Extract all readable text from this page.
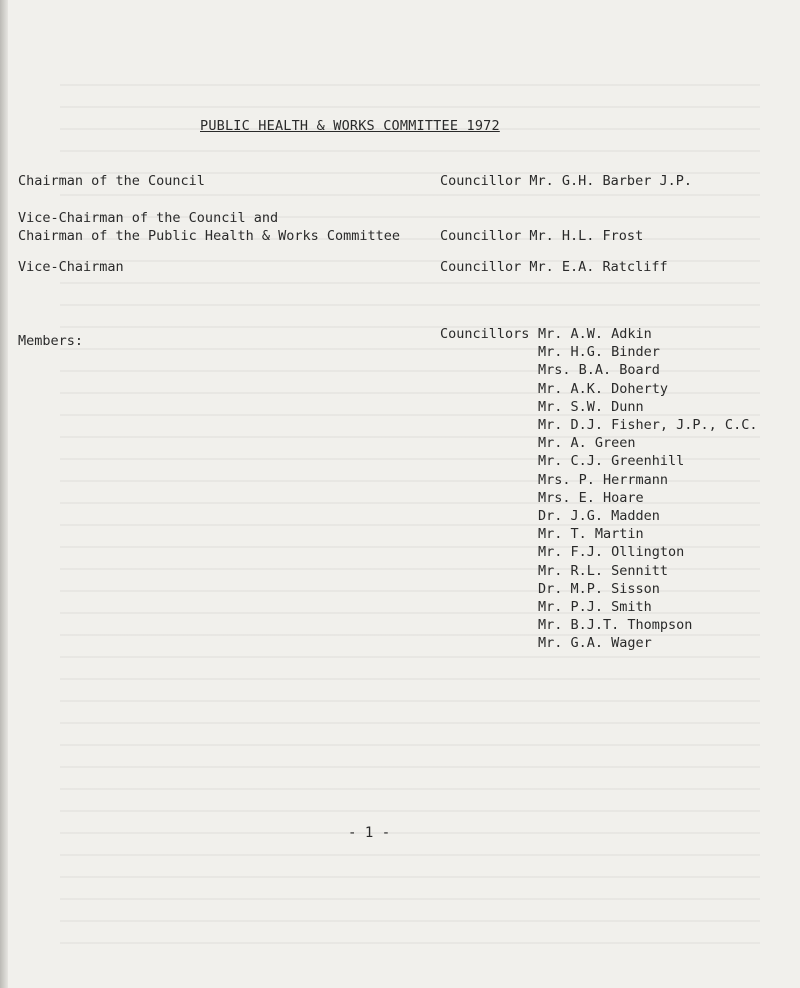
PUBLIC HEALTH & WORKS COMMITTEE 1972
Chairman of the Council	Councillor Mr. G.H. Barber J.P.
Vice-Chairman of the Council and
Chairman of the Public Health & Works Committee	Councillor Mr. H.L. Frost
Vice-Chairman	Councillor Mr. E.A. Ratcliff
Members:	Councillors Mr. A.W. Adkin
Mr. H.G. Binder
Mrs. B.A. Board
Mr. A.K. Doherty
Mr. S.W. Dunn
Mr. D.J. Fisher, J.P., C.C.
Mr. A. Green
Mr. C.J. Greenhill
Mrs. P. Herrmann
Mrs. E. Hoare
Dr. J.G. Madden
Mr. T. Martin
Mr. F.J. Ollington
Mr. R.L. Sennitt
Dr. M.P. Sisson
Mr. P.J. Smith
Mr. B.J.T. Thompson
Mr. G.A. Wager
- 1 -
